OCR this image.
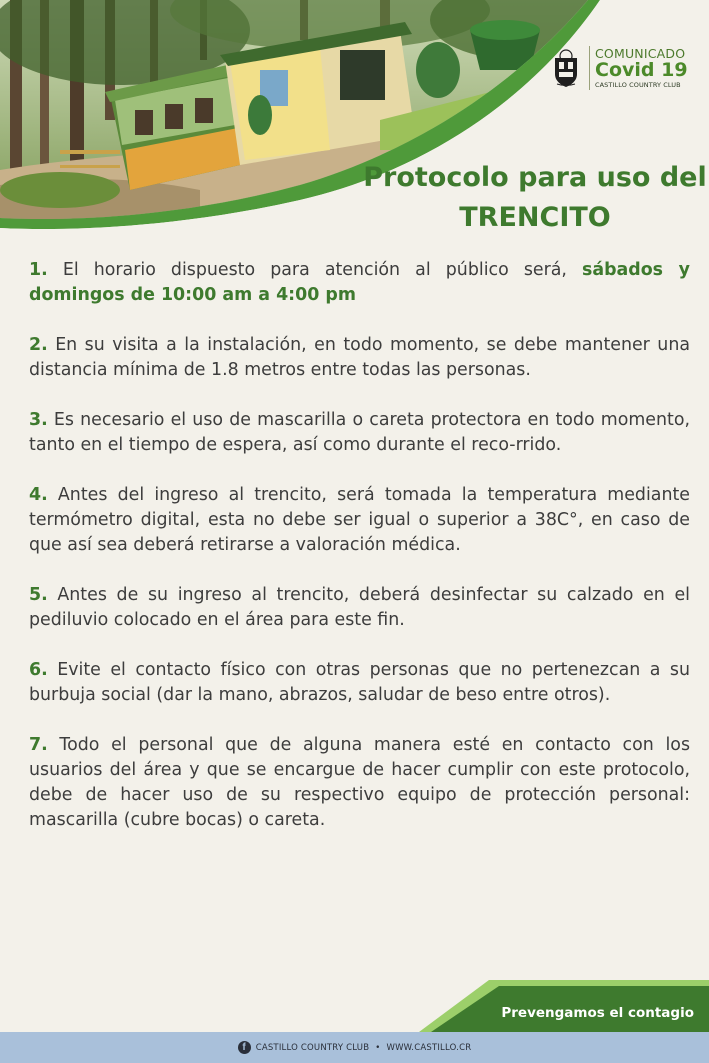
COMUNICADO
Covid 19
CASTILLO COUNTRY CLUB
Protocolo para uso del
TRENCITO

1. El horario dispuesto para atención al público será, sábados y domingos de 10:00 am a 4:00 pm

2. En su visita a la instalación, en todo momento, se debe mantener una distancia mínima de 1.8 metros entre todas las personas.

3. Es necesario el uso de mascarilla o careta protectora en todo momento, tanto en el tiempo de espera, así como durante el reco-rrido.

4. Antes del ingreso al trencito, será tomada la temperatura mediante termómetro digital, esta no debe ser igual o superior a 38C°, en caso de que así sea deberá retirarse a valoración médica.

5. Antes de su ingreso al trencito, deberá desinfectar su calzado en el pediluvio colocado en el área para este fin.

6. Evite el contacto físico con otras personas que no pertenezcan a su burbuja social (dar la mano, abrazos, saludar de beso entre otros).

7. Todo el personal que de alguna manera esté en contacto con los usuarios del área y que se encargue de hacer cumplir con este protocolo, debe de hacer uso de su respectivo equipo de protección personal: mascarilla (cubre bocas) o careta.

Prevengamos el contagio
f	CASTILLO COUNTRY CLUB • WWW.CASTILLO.CR
